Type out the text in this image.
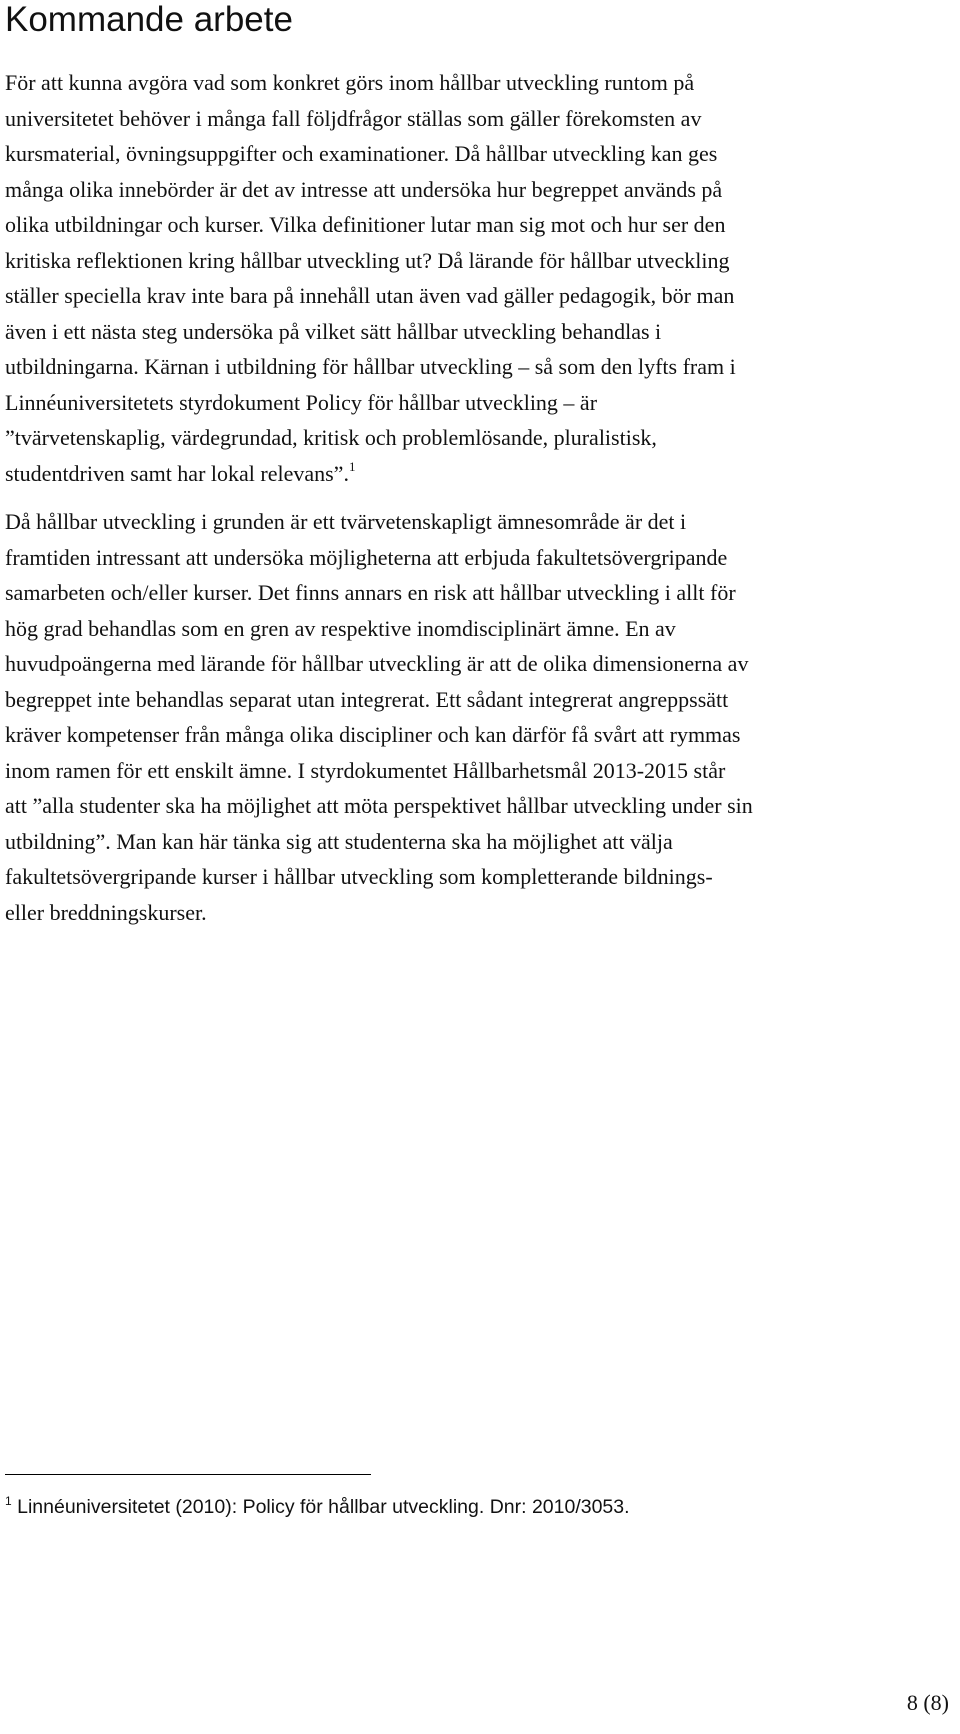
Kommande arbete
För att kunna avgöra vad som konkret görs inom hållbar utveckling runtom på
universitetet behöver i många fall följdfrågor ställas som gäller förekomsten av
kursmaterial, övningsuppgifter och examinationer. Då hållbar utveckling kan ges
många olika innebörder är det av intresse att undersöka hur begreppet används på
olika utbildningar och kurser. Vilka definitioner lutar man sig mot och hur ser den
kritiska reflektionen kring hållbar utveckling ut? Då lärande för hållbar utveckling
ställer speciella krav inte bara på innehåll utan även vad gäller pedagogik, bör man
även i ett nästa steg undersöka på vilket sätt hållbar utveckling behandlas i
utbildningarna. Kärnan i utbildning för hållbar utveckling – så som den lyfts fram i
Linnéuniversitetets styrdokument Policy för hållbar utveckling – är
”tvärvetenskaplig, värdegrundad, kritisk och problemlösande, pluralistisk,
studentdriven samt har lokal relevans”.$^1$
Då hållbar utveckling i grunden är ett tvärvetenskapligt ämnesområde är det i
framtiden intressant att undersöka möjligheterna att erbjuda fakultetsövergripande
samarbeten och/eller kurser. Det finns annars en risk att hållbar utveckling i allt för
hög grad behandlas som en gren av respektive inomdisciplinärt ämne. En av
huvudpoängerna med lärande för hållbar utveckling är att de olika dimensionerna av
begreppet inte behandlas separat utan integrerat. Ett sådant integrerat angreppssätt
kräver kompetenser från många olika discipliner och kan därför få svårt att rymmas
inom ramen för ett enskilt ämne. I styrdokumentet Hållbarhetsmål 2013-2015 står
att ”alla studenter ska ha möjlighet att möta perspektivet hållbar utveckling under sin
utbildning”. Man kan här tänka sig att studenterna ska ha möjlighet att välja
fakultetsövergripande kurser i hållbar utveckling som kompletterande bildnings-
eller breddningskurser.

$^1$ Linnéuniversitetet (2010): Policy för hållbar utveckling. Dnr: 2010/3053.

8 (8)
